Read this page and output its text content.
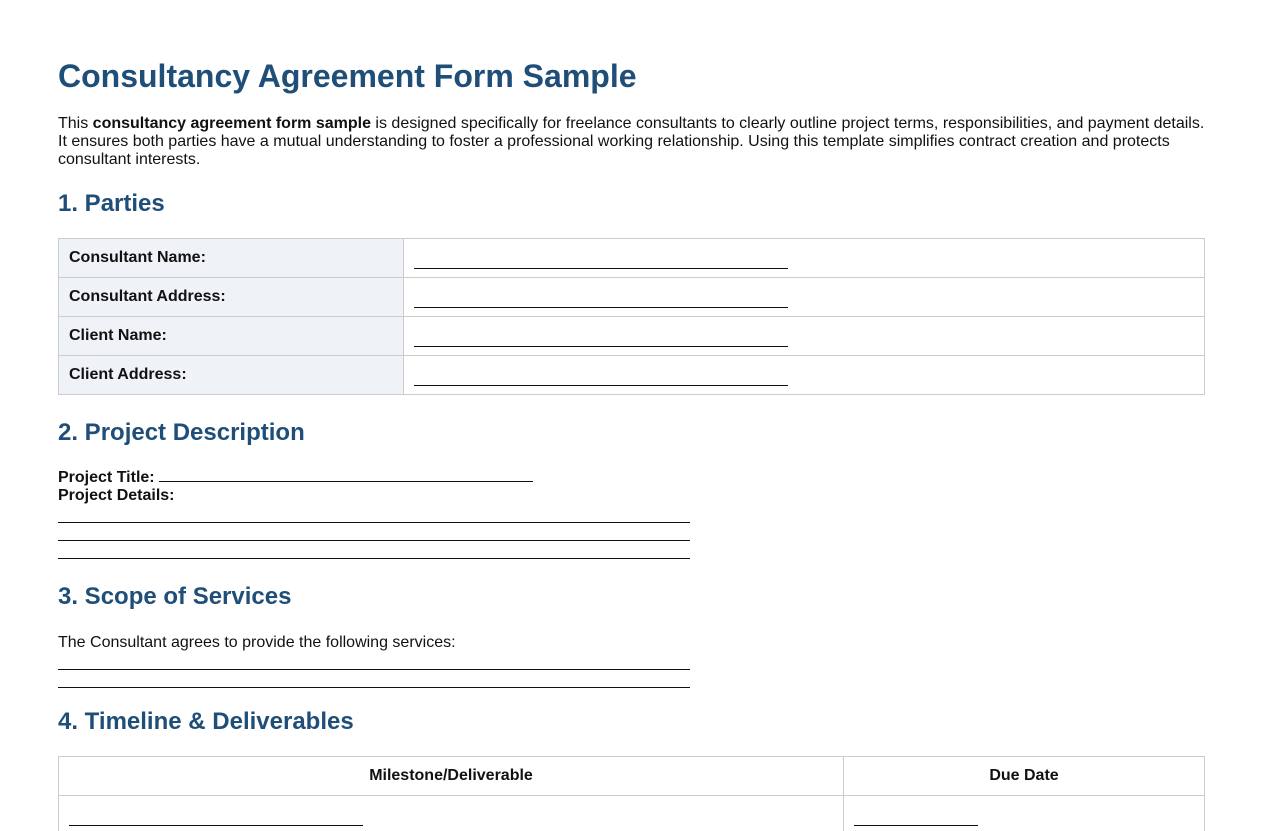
Consultancy Agreement Form Sample

This consultancy agreement form sample is designed specifically for freelance consultants to clearly outline project terms, responsibilities, and payment details. It ensures both parties have a mutual understanding to foster a professional working relationship. Using this template simplifies contract creation and protects consultant interests.

1. Parties
Consultant Name:	
Consultant Address:	
Client Name:	
Client Address:	
2. Project Description
Project Title:
Project Details:
3. Scope of Services
The Consultant agrees to provide the following services:
4. Timeline & Deliverables
Milestone/Deliverable	Due Date
